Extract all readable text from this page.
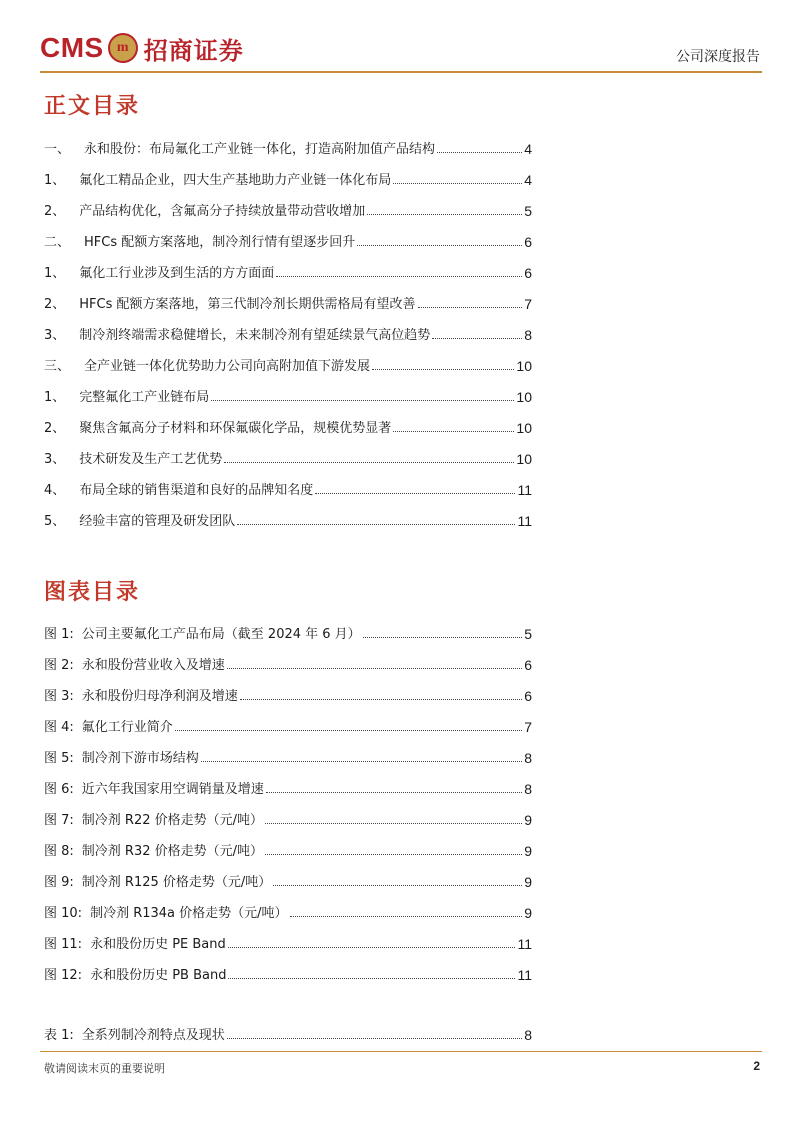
CMS m 招商证券	公司深度报告
正文目录
一、 永和股份：布局氟化工产业链一体化，打造高附加值产品结构	4
1、 氟化工精品企业，四大生产基地助力产业链一体化布局	4
2、 产品结构优化，含氟高分子持续放量带动营收增加	5
二、 HFCs 配额方案落地，制冷剂行情有望逐步回升	6
1、 氟化工行业涉及到生活的方方面面	6
2、 HFCs 配额方案落地，第三代制冷剂长期供需格局有望改善	7
3、 制冷剂终端需求稳健增长，未来制冷剂有望延续景气高位趋势	8
三、 全产业链一体化优势助力公司向高附加值下游发展	10
1、 完整氟化工产业链布局	10
2、 聚焦含氟高分子材料和环保氟碳化学品，规模优势显著	10
3、 技术研发及生产工艺优势	10
4、 布局全球的销售渠道和良好的品牌知名度	11
5、 经验丰富的管理及研发团队	11
图表目录
图 1: 公司主要氟化工产品布局（截至 2024 年 6 月）	5
图 2: 永和股份营业收入及增速	6
图 3: 永和股份归母净利润及增速	6
图 4: 氟化工行业简介	7
图 5: 制冷剂下游市场结构	8
图 6: 近六年我国家用空调销量及增速	8
图 7: 制冷剂 R22 价格走势（元/吨）	9
图 8: 制冷剂 R32 价格走势（元/吨）	9
图 9: 制冷剂 R125 价格走势（元/吨）	9
图 10: 制冷剂 R134a 价格走势（元/吨）	9
图 11: 永和股份历史 PE Band	11
图 12: 永和股份历史 PB Band	11
表 1: 全系列制冷剂特点及现状	8
敬请阅读末页的重要说明	2
